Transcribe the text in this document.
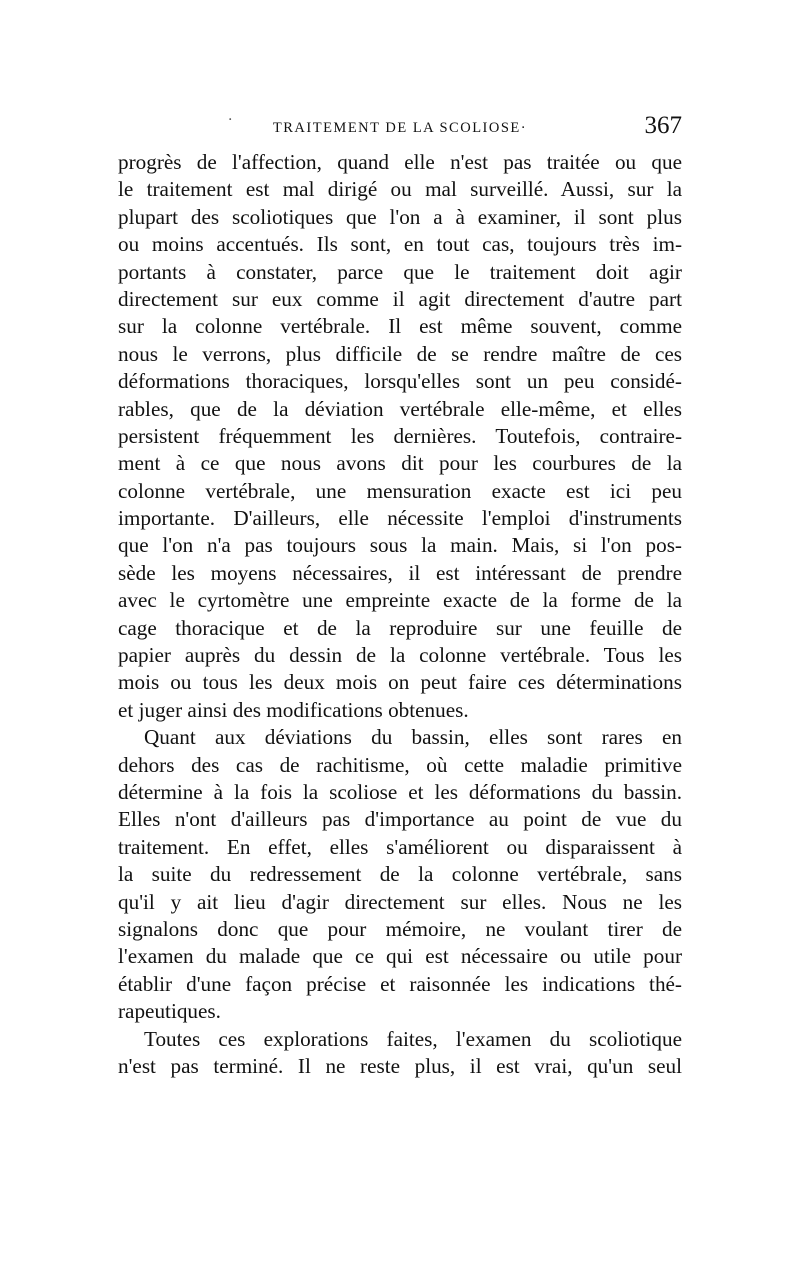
·	TRAITEMENT DE LA SCOLIOSE·	367
progrès de l'affection, quand elle n'est pas traitée ou que
le traitement est mal dirigé ou mal surveillé. Aussi, sur la
plupart des scoliotiques que l'on a à examiner, il sont plus
ou moins accentués. Ils sont, en tout cas, toujours très im-
portants à constater, parce que le traitement doit agir
directement sur eux comme il agit directement d'autre part
sur la colonne vertébrale. Il est même souvent, comme
nous le verrons, plus difficile de se rendre maître de ces
déformations thoraciques, lorsqu'elles sont un peu considé-
rables, que de la déviation vertébrale elle-même, et elles
persistent fréquemment les dernières. Toutefois, contraire-
ment à ce que nous avons dit pour les courbures de la
colonne vertébrale, une mensuration exacte est ici peu
importante. D'ailleurs, elle nécessite l'emploi d'instruments
que l'on n'a pas toujours sous la main. Mais, si l'on pos-
sède les moyens nécessaires, il est intéressant de prendre
avec le cyrtomètre une empreinte exacte de la forme de la
cage thoracique et de la reproduire sur une feuille de
papier auprès du dessin de la colonne vertébrale. Tous les
mois ou tous les deux mois on peut faire ces déterminations
et juger ainsi des modifications obtenues.
Quant aux déviations du bassin, elles sont rares en
dehors des cas de rachitisme, où cette maladie primitive
détermine à la fois la scoliose et les déformations du bassin.
Elles n'ont d'ailleurs pas d'importance au point de vue du
traitement. En effet, elles s'améliorent ou disparaissent à
la suite du redressement de la colonne vertébrale, sans
qu'il y ait lieu d'agir directement sur elles. Nous ne les
signalons donc que pour mémoire, ne voulant tirer de
l'examen du malade que ce qui est nécessaire ou utile pour
établir d'une façon précise et raisonnée les indications thé-
rapeutiques.
Toutes ces explorations faites, l'examen du scoliotique
n'est pas terminé. Il ne reste plus, il est vrai, qu'un seul
